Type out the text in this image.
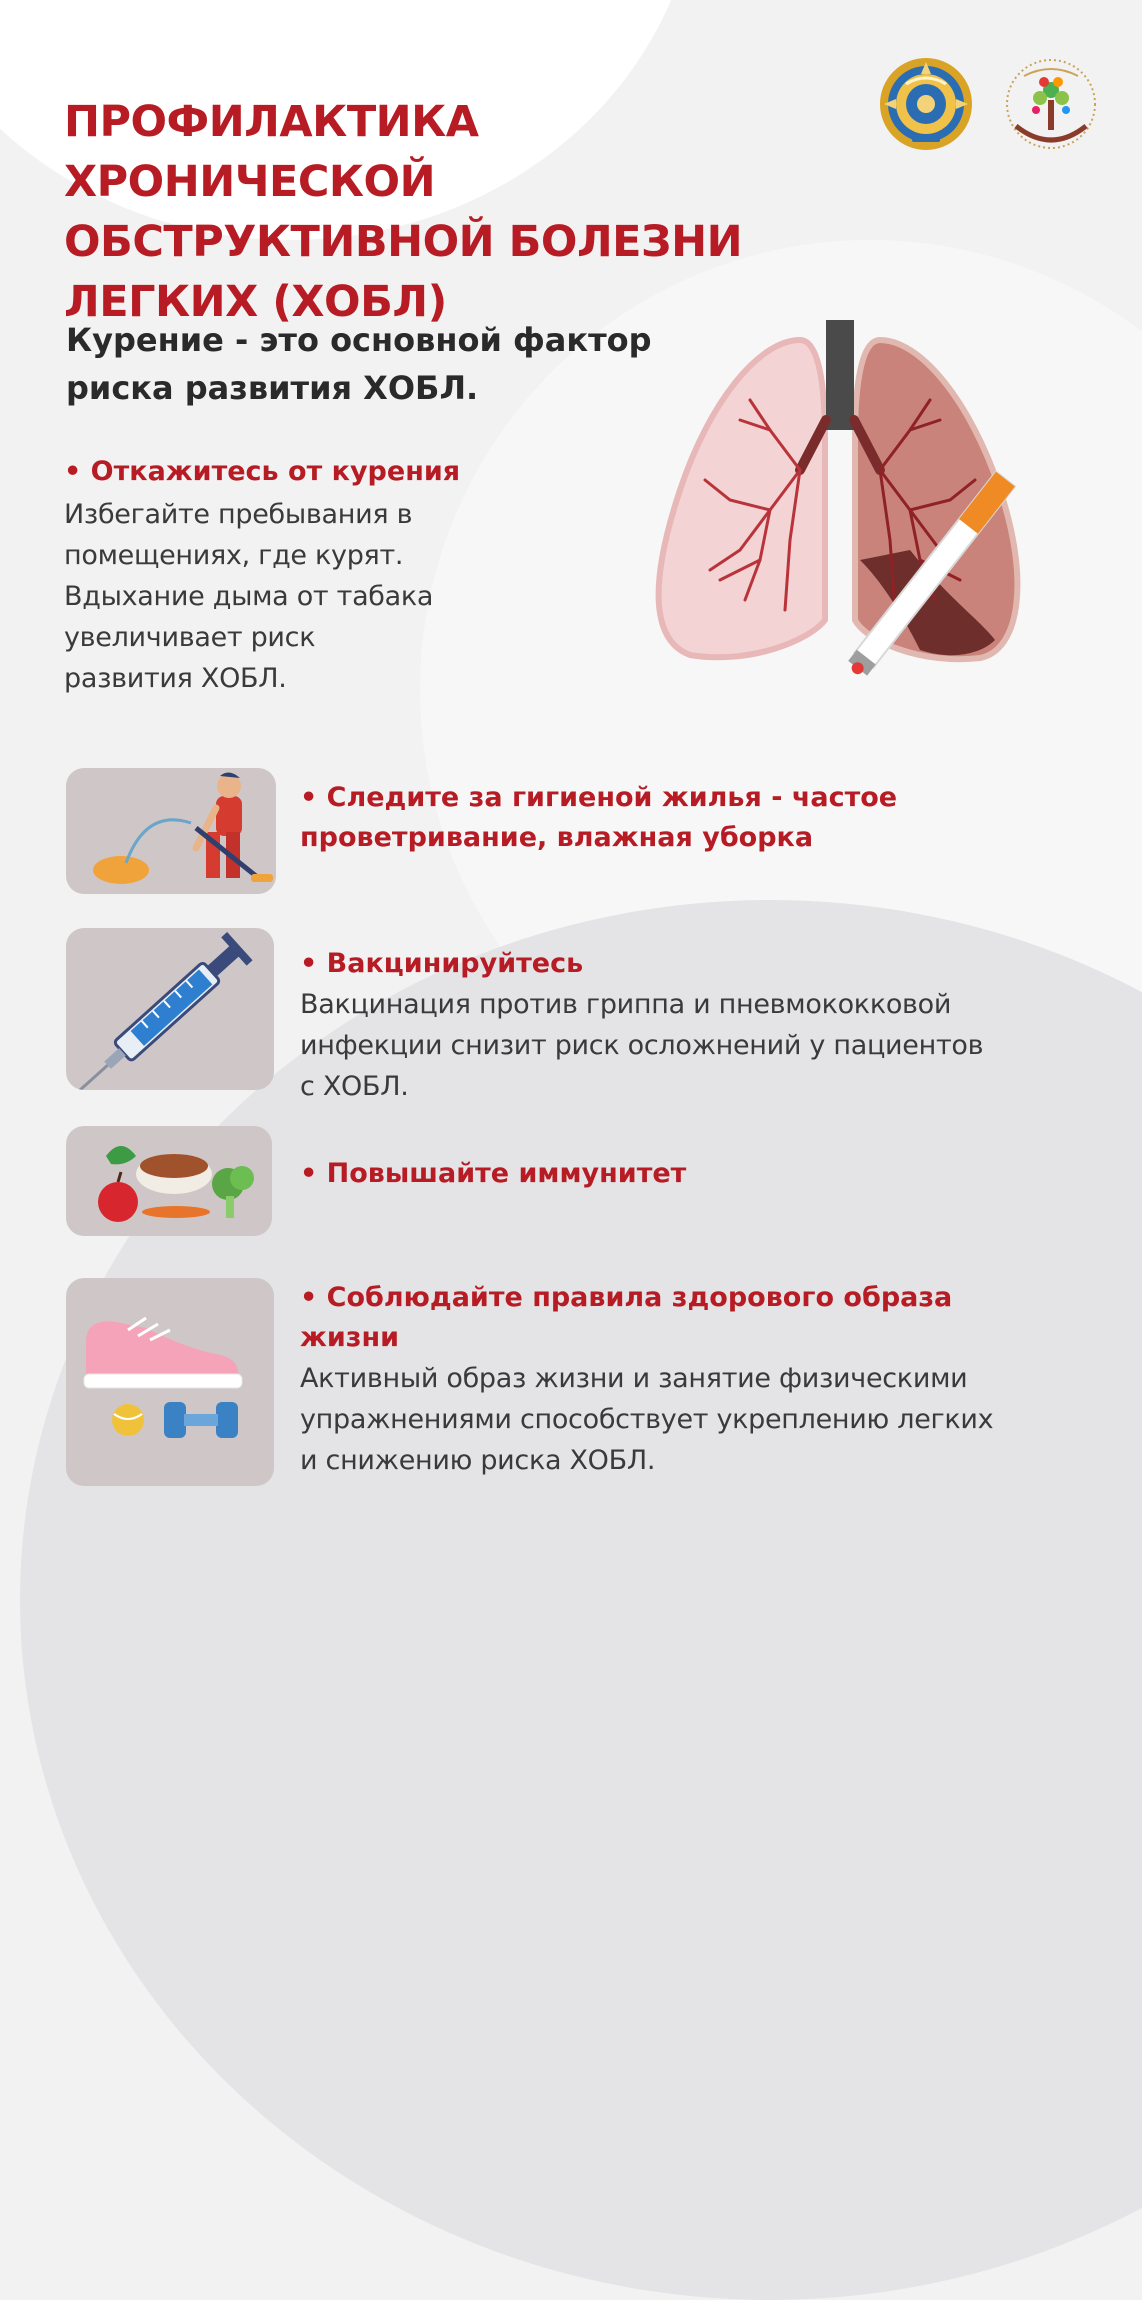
ПРОФИЛАКТИКА ХРОНИЧЕСКОЙ
ОБСТРУКТИВНОЙ БОЛЕЗНИ
ЛЕГКИХ (ХОБЛ)

Курение - это основной фактор
риска развития ХОБЛ.

• Откажитесь от курения

Избегайте пребывания в
помещениях, где курят.
Вдыхание дыма от табака
увеличивает риск
развития ХОБЛ.

• Следите за гигиеной жилья - частое
проветривание, влажная уборка

• Вакцинируйтесь

Вакцинация против гриппа и пневмококковой
инфекции снизит риск осложнений у пациентов
с ХОБЛ.

• Повышайте иммунитет

• Соблюдайте правила здорового образа
жизни

Активный образ жизни и занятие физическими
упражнениями способствует укреплению легких
и снижению риска ХОБЛ.
